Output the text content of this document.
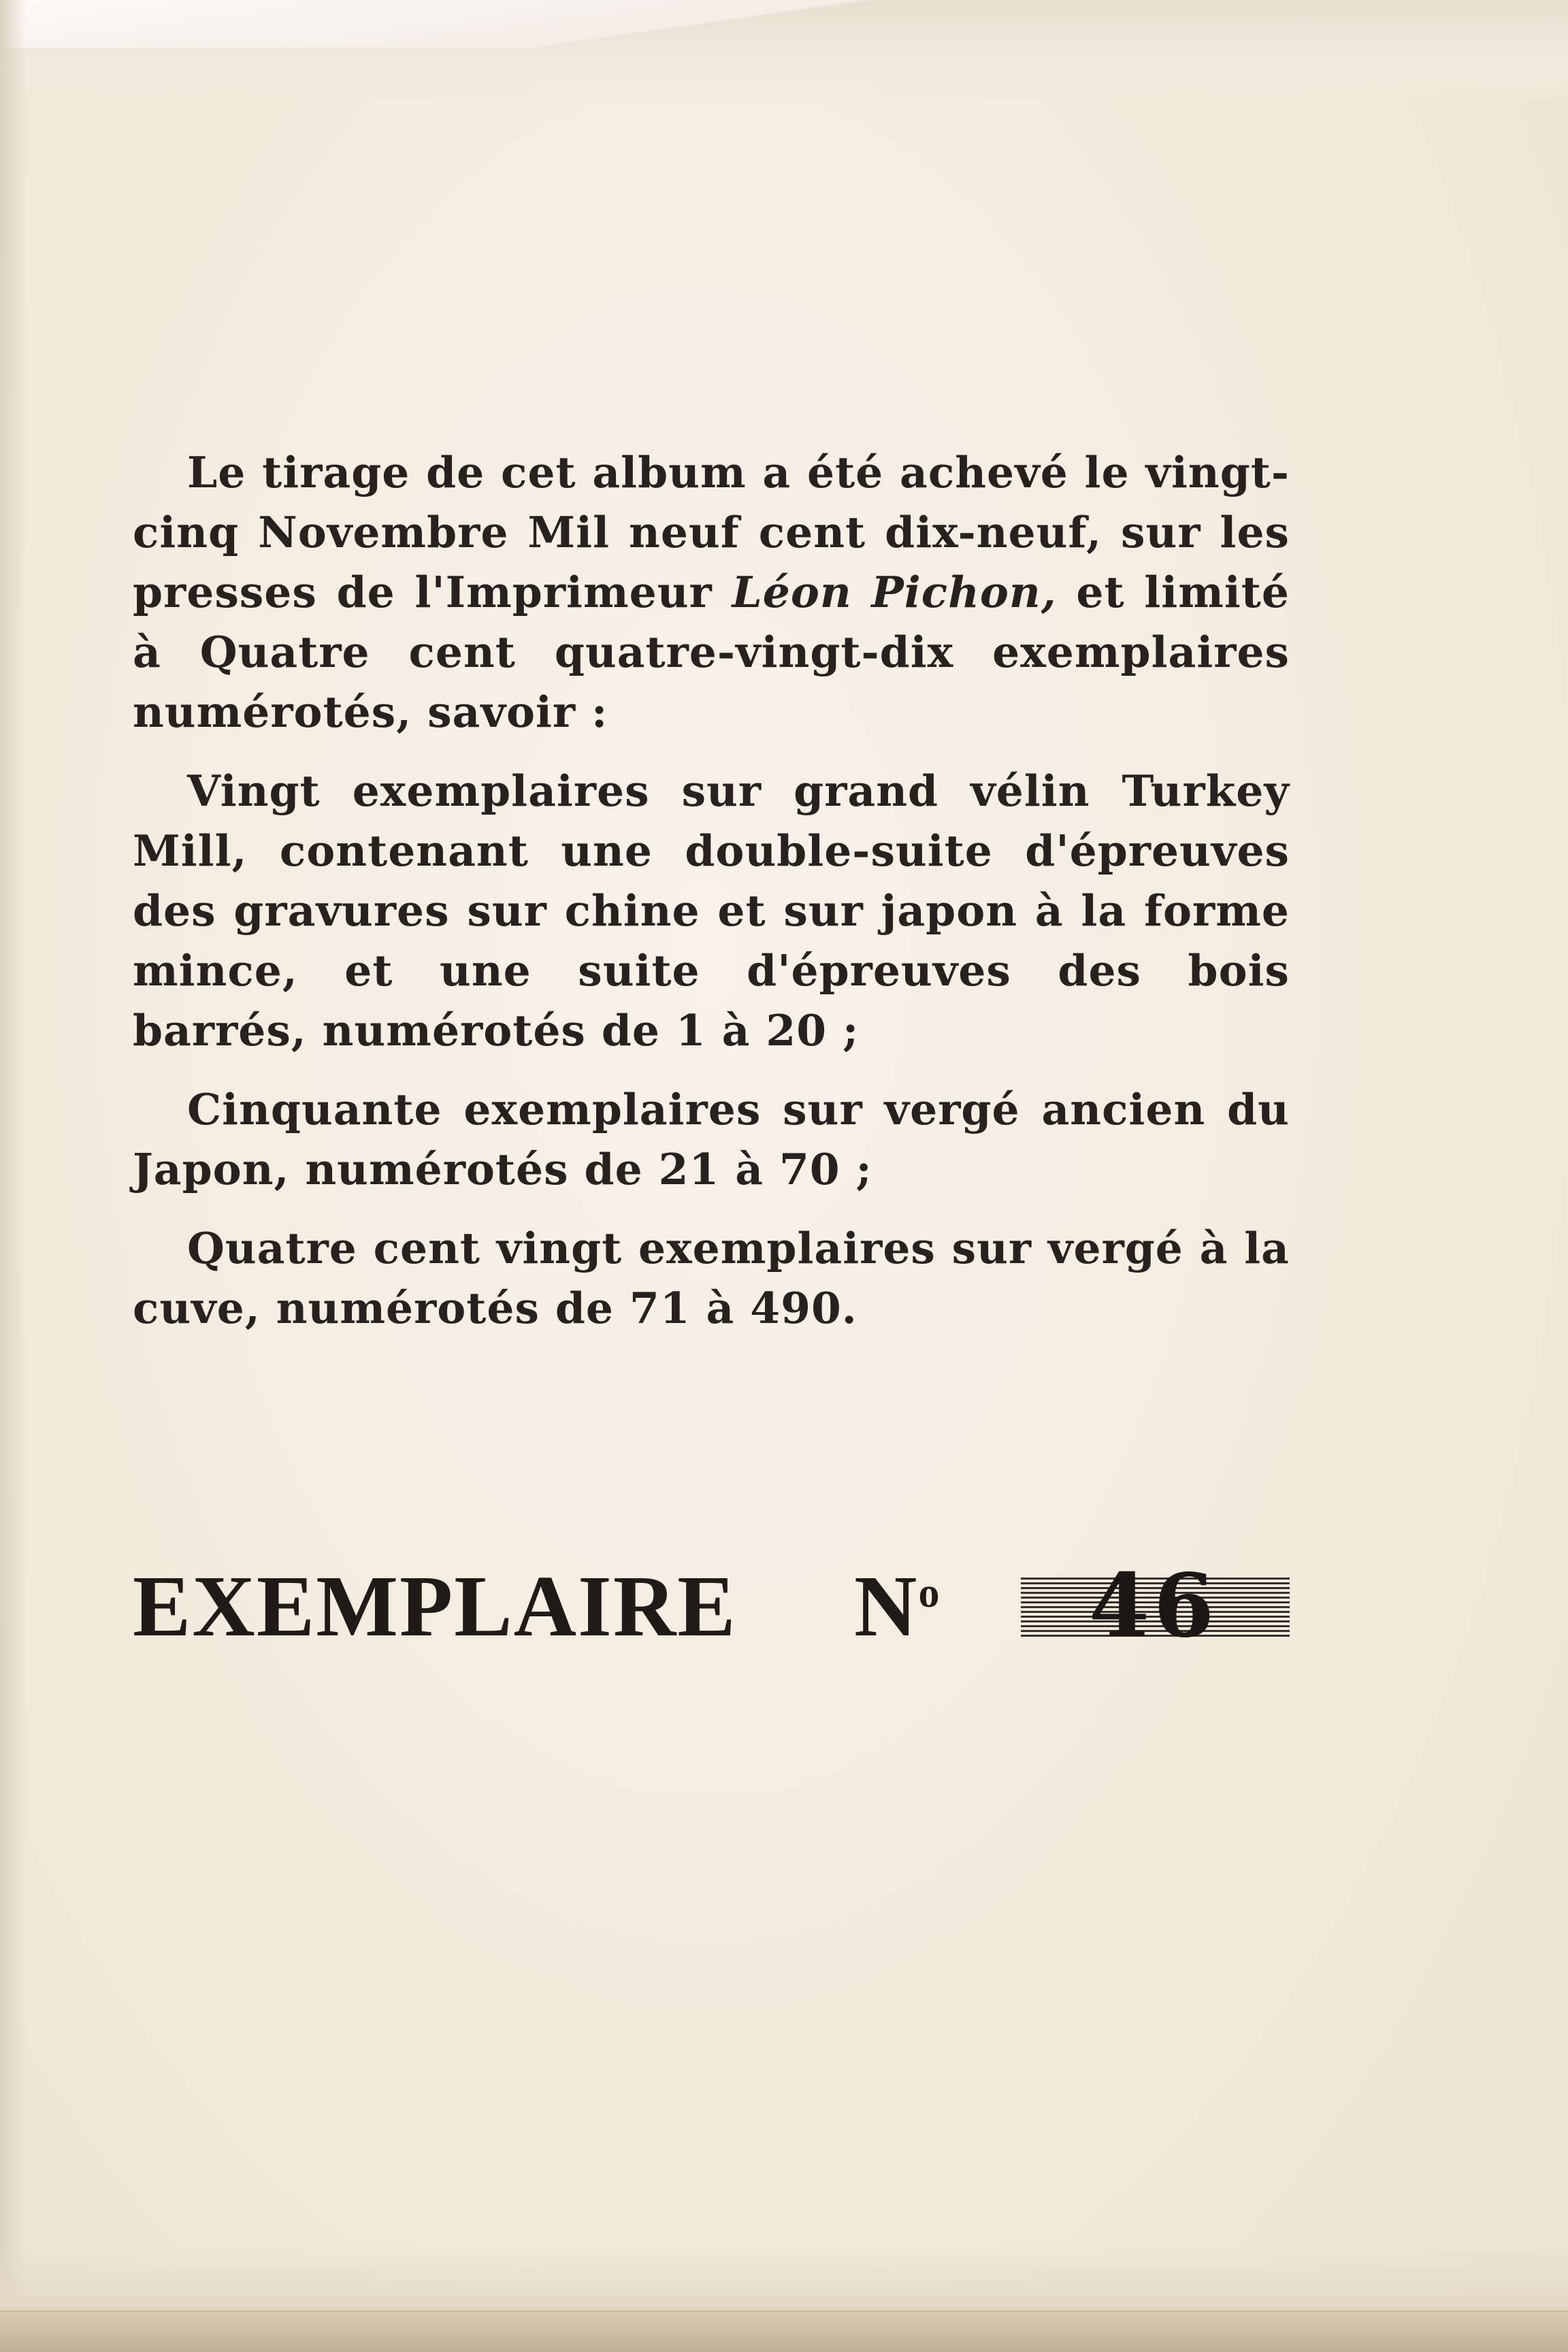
Le tirage de cet album a été achevé le vingt-cinq Novembre Mil neuf cent dix-neuf, sur les presses de l'Imprimeur Léon Pichon, et limité à Quatre cent quatre-vingt-dix exemplaires numérotés, savoir :

Vingt exemplaires sur grand vélin Turkey Mill, contenant une double-suite d'épreuves des gravures sur chine et sur japon à la forme mince, et une suite d'épreuves des bois barrés, numérotés de 1 à 20 ;

Cinquante exemplaires sur vergé ancien du Japon, numérotés de 21 à 70 ;

Quatre cent vingt exemplaires sur vergé à la cuve, numérotés de 71 à 490.

EXEMPLAIRE $N^o$	46
